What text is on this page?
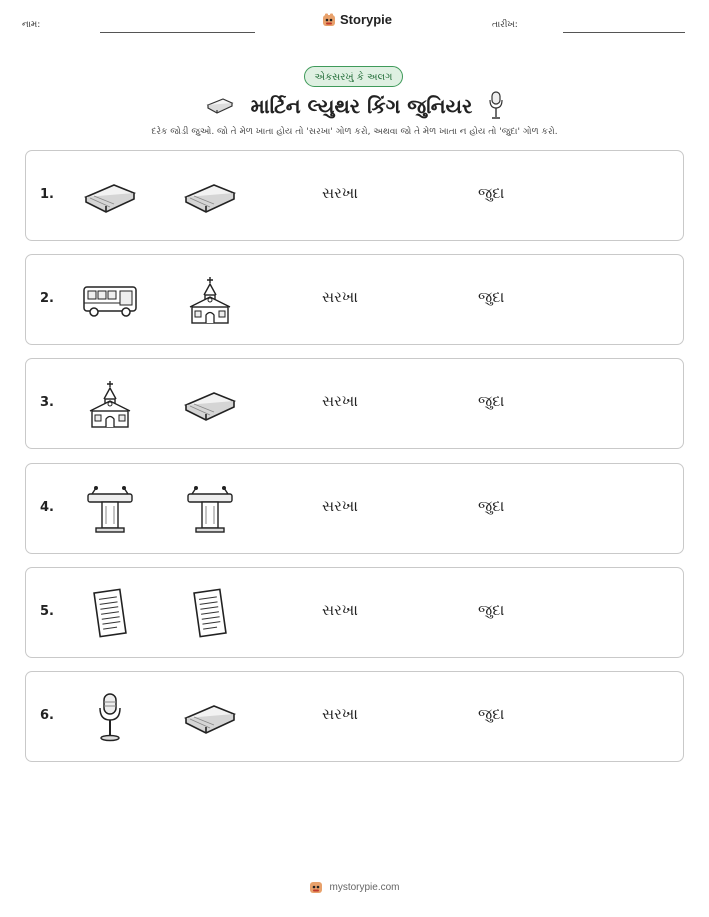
નામ:	Storypie	તારીખ:
એકસરખું કે અલગ
માર્ટિન લ્યુથર કિંગ જુનિયર
દરેક જોડી જુઓ. જો તે મેળ ખાતા હોય તો 'સરખા' ગોળ કરો, અથવા જો તે મેળ ખાતા ન હોય તો 'જુદા' ગોળ કરો.
1.	સરખા	જુદા
2.	સરખા	જુદા
3.	સરખા	જુદા
4.	સરખા	જુદા
5.	સરખા	જુદા
6.	સરખા	જુદા
mystorypie.com
